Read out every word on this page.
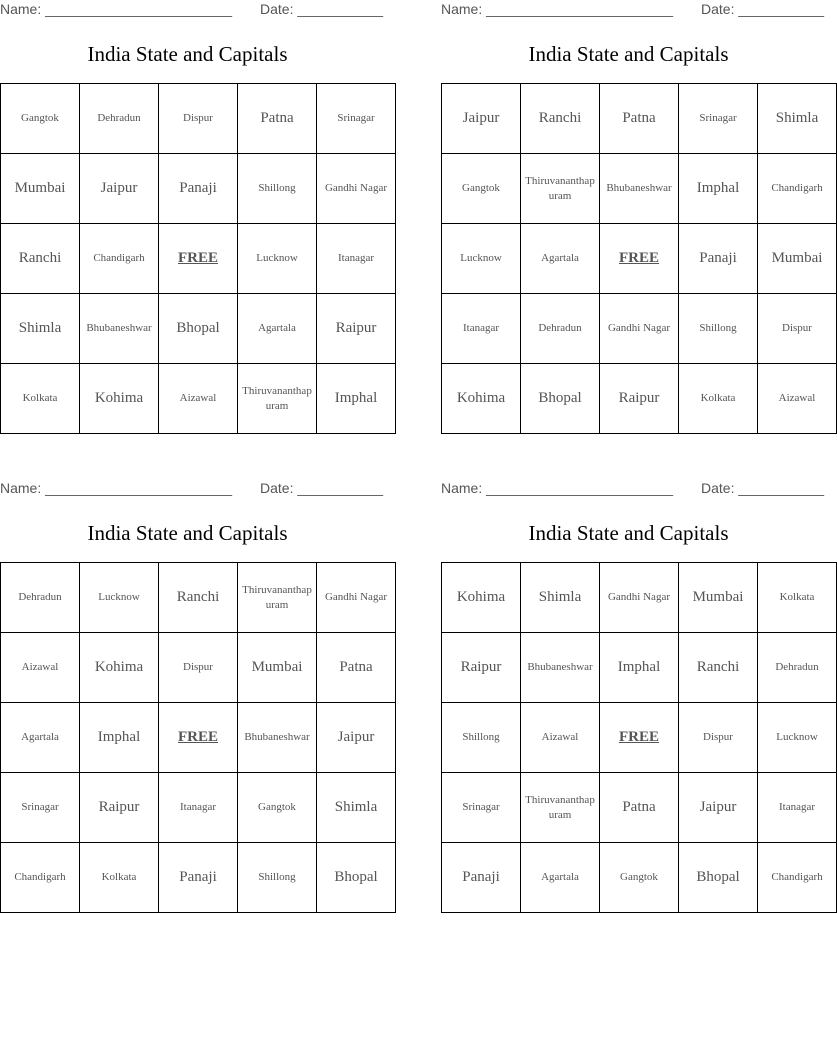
Name: ________________________ Date: ___________
India State and Capitals
Gangtok	Dehradun	Dispur	Patna	Srinagar
Mumbai	Jaipur	Panaji	Shillong	Gandhi Nagar
Ranchi	Chandigarh	FREE	Lucknow	Itanagar
Shimla	Bhubaneshwar	Bhopal	Agartala	Raipur
Kolkata	Kohima	Aizawal	Thiruvananthapuram	Imphal
Name: ________________________ Date: ___________
India State and Capitals
Jaipur	Ranchi	Patna	Srinagar	Shimla
Gangtok	Thiruvananthapuram	Bhubaneshwar	Imphal	Chandigarh
Lucknow	Agartala	FREE	Panaji	Mumbai
Itanagar	Dehradun	Gandhi Nagar	Shillong	Dispur
Kohima	Bhopal	Raipur	Kolkata	Aizawal
Name: ________________________ Date: ___________
India State and Capitals
Dehradun	Lucknow	Ranchi	Thiruvananthapuram	Gandhi Nagar
Aizawal	Kohima	Dispur	Mumbai	Patna
Agartala	Imphal	FREE	Bhubaneshwar	Jaipur
Srinagar	Raipur	Itanagar	Gangtok	Shimla
Chandigarh	Kolkata	Panaji	Shillong	Bhopal
Name: ________________________ Date: ___________
India State and Capitals
Kohima	Shimla	Gandhi Nagar	Mumbai	Kolkata
Raipur	Bhubaneshwar	Imphal	Ranchi	Dehradun
Shillong	Aizawal	FREE	Dispur	Lucknow
Srinagar	Thiruvananthapuram	Patna	Jaipur	Itanagar
Panaji	Agartala	Gangtok	Bhopal	Chandigarh
